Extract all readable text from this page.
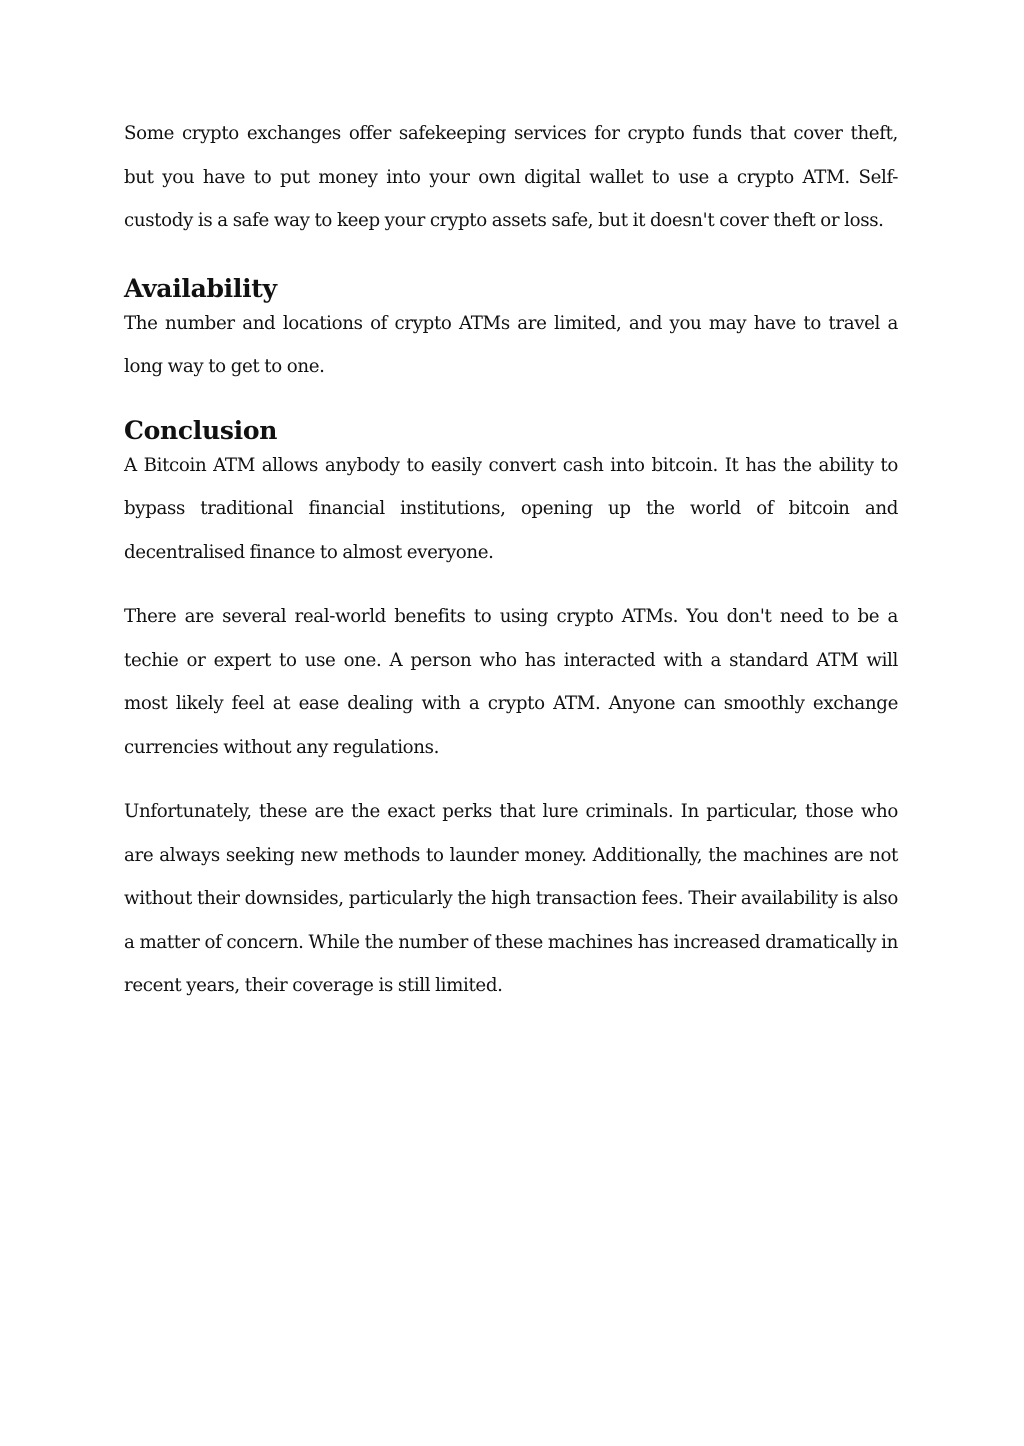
Some crypto exchanges offer safekeeping services for crypto funds that cover theft, but you have to put money into your own digital wallet to use a crypto ATM. Self-custody is a safe way to keep your crypto assets safe, but it doesn't cover theft or loss.

Availability

The number and locations of crypto ATMs are limited, and you may have to travel a long way to get to one.

Conclusion

A Bitcoin ATM allows anybody to easily convert cash into bitcoin. It has the ability to bypass traditional financial institutions, opening up the world of bitcoin and decentralised finance to almost everyone.

There are several real-world benefits to using crypto ATMs. You don't need to be a techie or expert to use one. A person who has interacted with a standard ATM will most likely feel at ease dealing with a crypto ATM. Anyone can smoothly exchange currencies without any regulations.

Unfortunately, these are the exact perks that lure criminals. In particular, those who are always seeking new methods to launder money. Additionally, the machines are not without their downsides, particularly the high transaction fees. Their availability is also a matter of concern. While the number of these machines has increased dramatically in recent years, their coverage is still limited.
